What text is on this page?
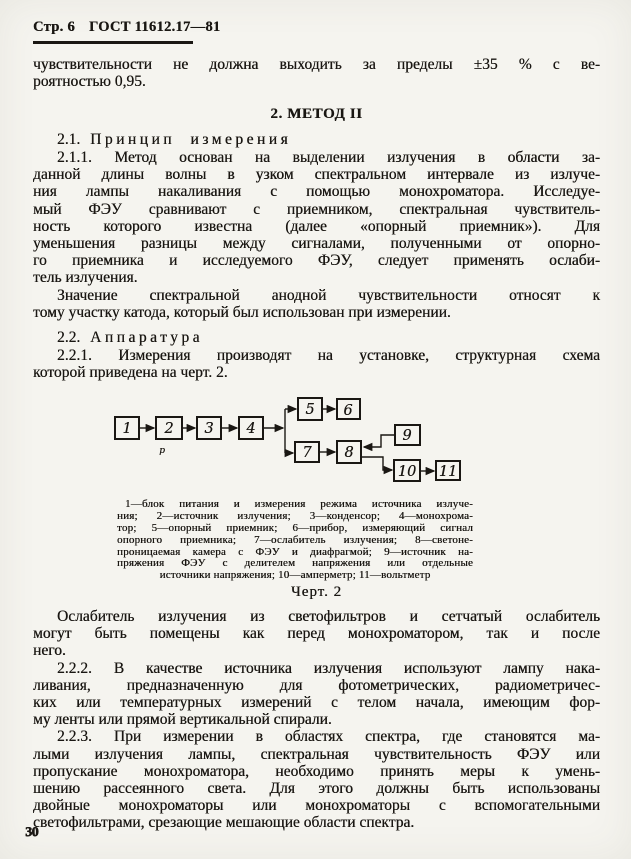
Стр. 6 ГОСТ 11612.17—81
чувствительности не должна выходить за пределы ±35 % с ве-
роятностью 0,95.
2. МЕТОД II
2.1. Принцип измерения
2.1.1. Метод основан на выделении излучения в области за-
данной длины волны в узком спектральном интервале из излуче-
ния лампы накаливания с помощью монохроматора. Исследуе-
мый ФЭУ сравнивают с приемником, спектральная чувствитель-
ность которого известна (далее «опорный приемник»). Для
уменьшения разницы между сигналами, полученными от опорно-
го приемника и исследуемого ФЭУ, следует применять ослаби-
тель излучения.
Значение спектральной анодной чувствительности относят к
тому участку катода, который был использован при измерении.
2.2. Аппаратура
2.2.1. Измерения производят на установке, структурная схема
которой приведена на черт. 2.
1 2 3 4
5 6
7 8
9
10 11
р
1—блок питания и измерения режима источника излуче-
ния; 2—источник излучения; 3—конденсор; 4—монохрома-
тор; 5—опорный приемник; 6—прибор, измеряющий сигнал
опорного приемника; 7—ослабитель излучения; 8—светоне-
проницаемая камера с ФЭУ и диафрагмой; 9—источник на-
пряжения ФЭУ с делителем напряжения или отдельные
источники напряжения; 10—амперметр; 11—вольтметр
Черт. 2
Ослабитель излучения из светофильтров и сетчатый ослабитель
могут быть помещены как перед монохроматором, так и после
него.
2.2.2. В качестве источника излучения используют лампу нака-
ливания, предназначенную для фотометрических, радиометричес-
ких или температурных измерений с телом начала, имеющим фор-
му ленты или прямой вертикальной спирали.
2.2.3. При измерении в областях спектра, где становятся ма-
лыми излучения лампы, спектральная чувствительность ФЭУ или
пропускание монохроматора, необходимо принять меры к умень-
шению рассеянного света. Для этого должны быть использованы
двойные монохроматоры или монохроматоры с вспомогательными
светофильтрами, срезающие мешающие области спектра.
30
